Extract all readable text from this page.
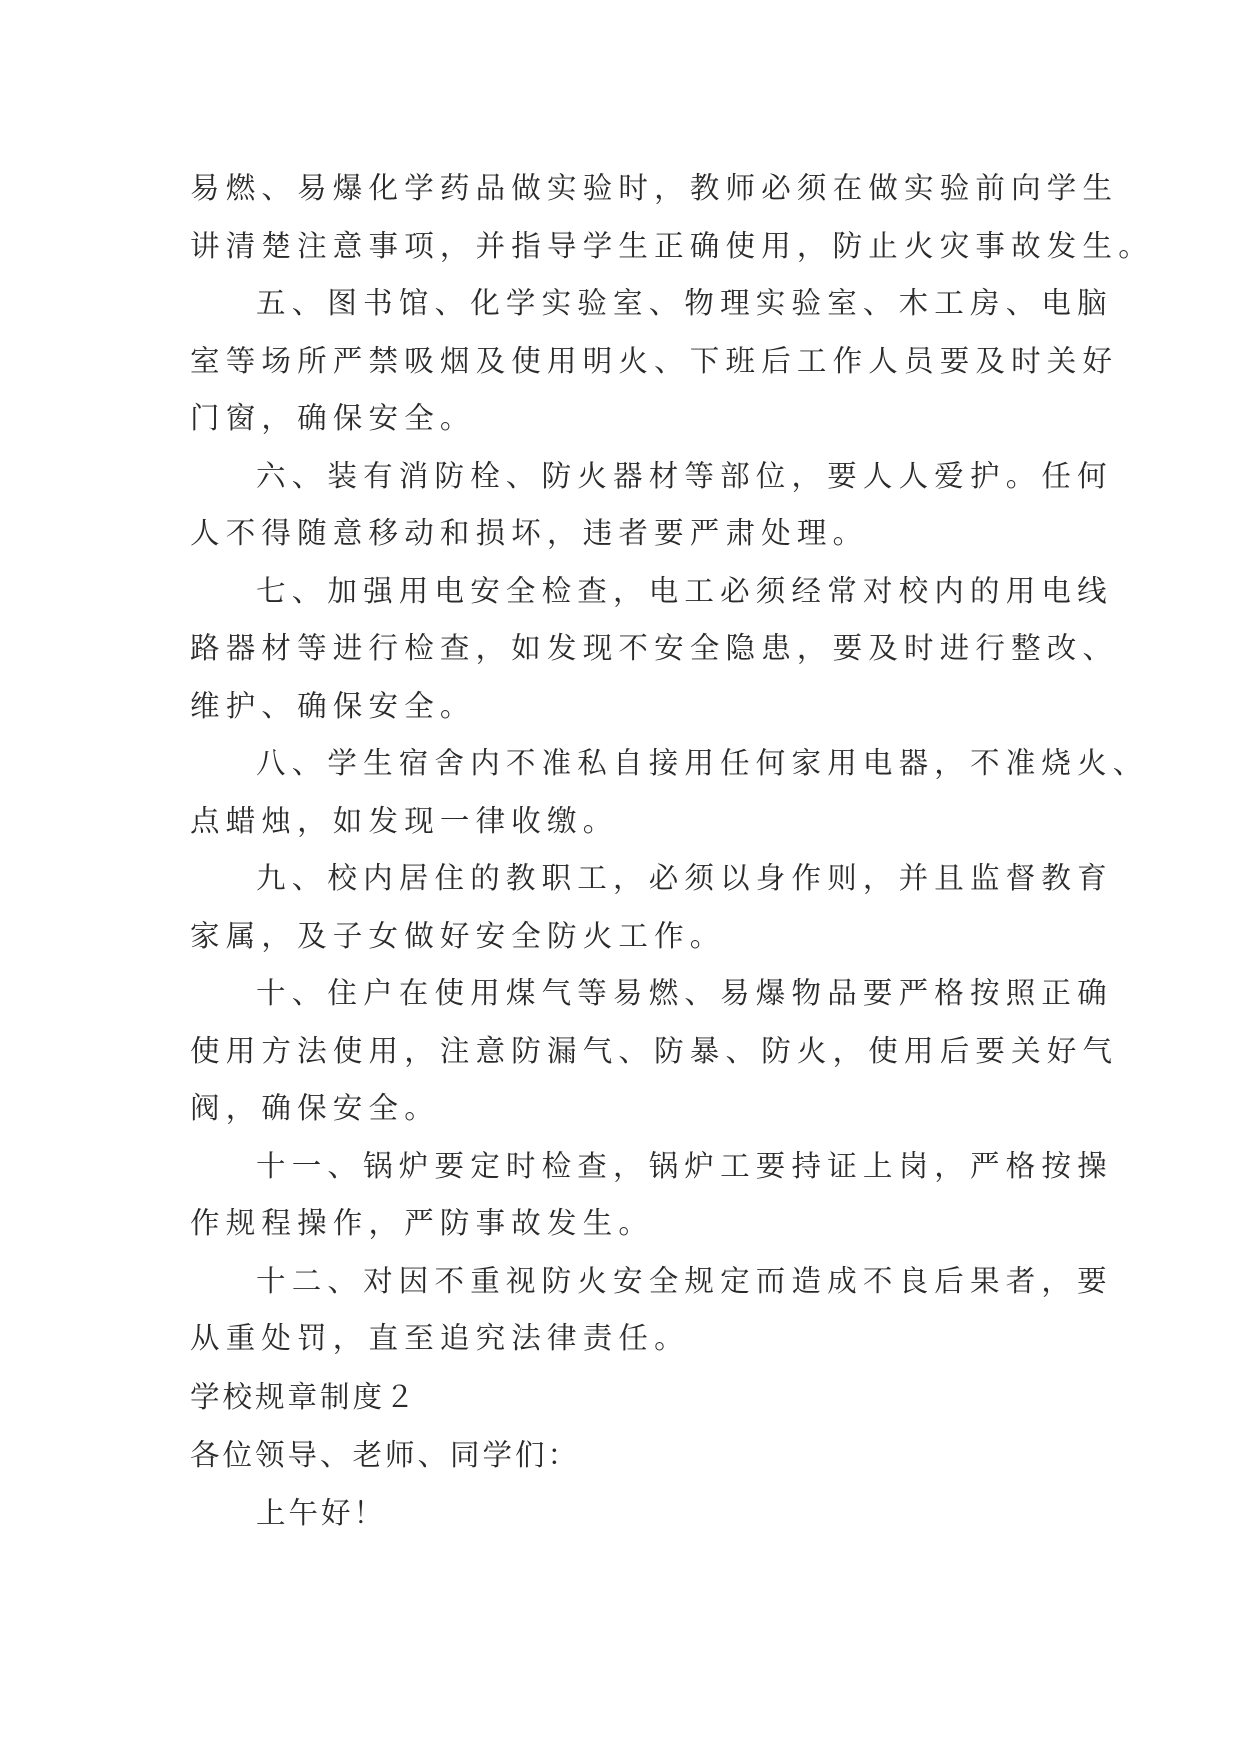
易燃、易爆化学药品做实验时，教师必须在做实验前向学生
讲清楚注意事项，并指导学生正确使用，防止火灾事故发生。
五、图书馆、化学实验室、物理实验室、木工房、电脑
室等场所严禁吸烟及使用明火、下班后工作人员要及时关好
门窗，确保安全。
六、装有消防栓、防火器材等部位，要人人爱护。任何
人不得随意移动和损坏，违者要严肃处理。
七、加强用电安全检查，电工必须经常对校内的用电线
路器材等进行检查，如发现不安全隐患，要及时进行整改、
维护、确保安全。
八、学生宿舍内不准私自接用任何家用电器，不准烧火、
点蜡烛，如发现一律收缴。
九、校内居住的教职工，必须以身作则，并且监督教育
家属，及子女做好安全防火工作。
十、住户在使用煤气等易燃、易爆物品要严格按照正确
使用方法使用，注意防漏气、防暴、防火，使用后要关好气
阀，确保安全。
十一、锅炉要定时检查，锅炉工要持证上岗，严格按操
作规程操作，严防事故发生。
十二、对因不重视防火安全规定而造成不良后果者，要
从重处罚，直至追究法律责任。
学校规章制度２
各位领导、老师、同学们：
上午好！
